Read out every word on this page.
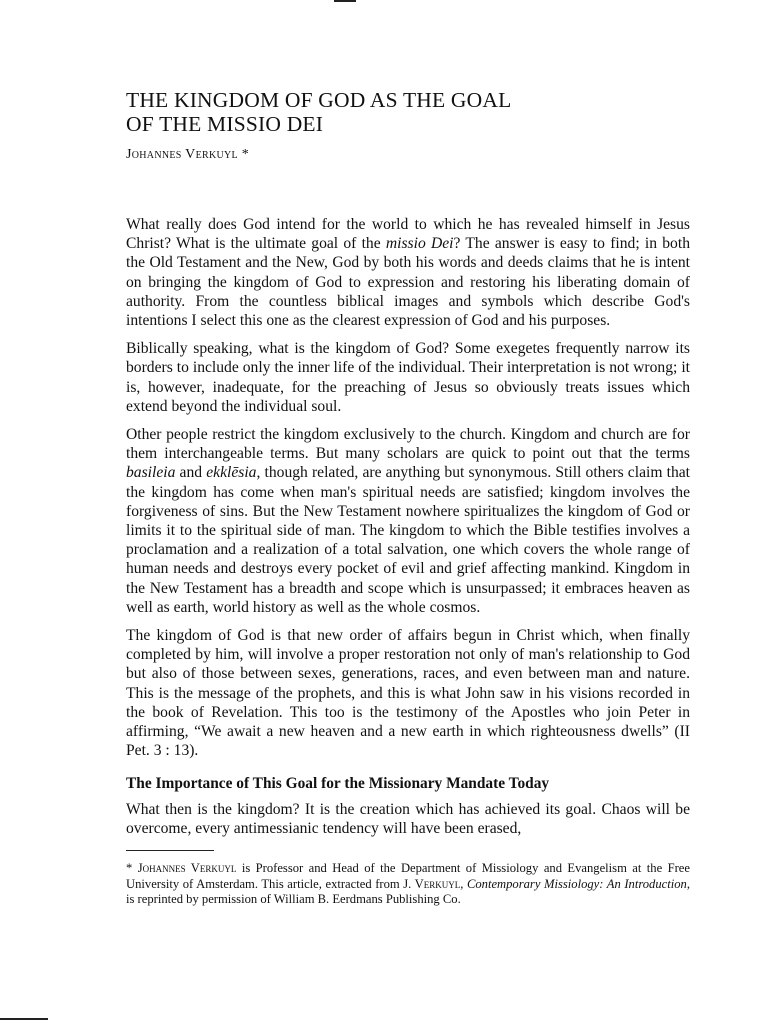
THE KINGDOM OF GOD AS THE GOAL
OF THE MISSIO DEI
Johannes Verkuyl *

What really does God intend for the world to which he has revealed himself in Jesus Christ? What is the ultimate goal of the missio Dei? The answer is easy to find; in both the Old Testament and the New, God by both his words and deeds claims that he is intent on bringing the kingdom of God to expression and restoring his liberating domain of authority. From the countless biblical images and symbols which describe God's intentions I select this one as the clearest expression of God and his purposes.

Biblically speaking, what is the kingdom of God? Some exegetes frequently narrow its borders to include only the inner life of the individual. Their interpretation is not wrong; it is, however, inadequate, for the preaching of Jesus so obviously treats issues which extend beyond the individual soul.

Other people restrict the kingdom exclusively to the church. Kingdom and church are for them interchangeable terms. But many scholars are quick to point out that the terms basileia and ekklēsia, though related, are anything but synonymous. Still others claim that the kingdom has come when man's spiritual needs are satisfied; kingdom involves the forgiveness of sins. But the New Testament nowhere spiritualizes the kingdom of God or limits it to the spiritual side of man. The kingdom to which the Bible testifies involves a proclamation and a realization of a total salvation, one which covers the whole range of human needs and destroys every pocket of evil and grief affecting mankind. Kingdom in the New Testament has a breadth and scope which is unsurpassed; it embraces heaven as well as earth, world history as well as the whole cosmos.

The kingdom of God is that new order of affairs begun in Christ which, when finally completed by him, will involve a proper restoration not only of man's relationship to God but also of those between sexes, generations, races, and even between man and nature. This is the message of the prophets, and this is what John saw in his visions recorded in the book of Revelation. This too is the testimony of the Apostles who join Peter in affirming, “We await a new heaven and a new earth in which righteousness dwells” (II Pet. 3 : 13).

The Importance of This Goal for the Missionary Mandate Today

What then is the kingdom? It is the creation which has achieved its goal. Chaos will be overcome, every antimessianic tendency will have been erased,

* Johannes Verkuyl is Professor and Head of the Department of Missiology and Evangelism at the Free University of Amsterdam. This article, extracted from J. Verkuyl, Contemporary Missiology: An Introduction, is reprinted by permission of William B. Eerdmans Publishing Co.
